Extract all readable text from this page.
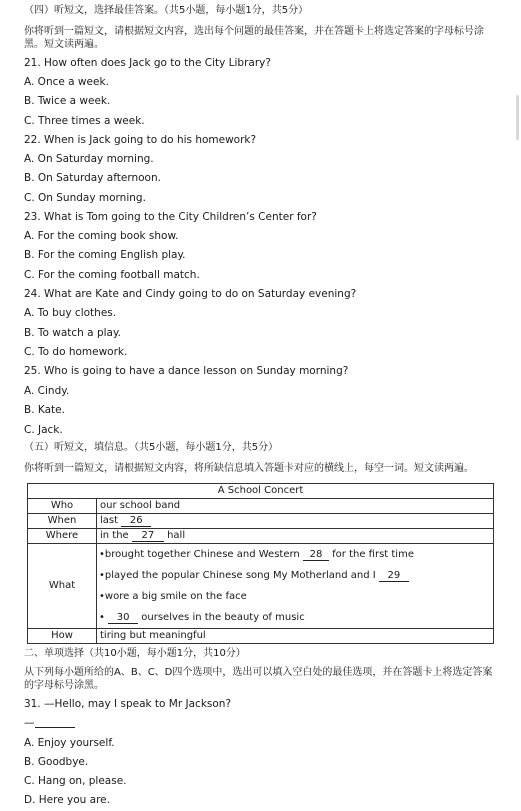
（四）听短文，选择最佳答案。（共5小题，每小题1分，共5分）
你将听到一篇短文，请根据短文内容，选出每个问题的最佳答案，并在答题卡上将选定答案的字母标号涂黑。短文读两遍。
21. How often does Jack go to the City Library?
A. Once a week.
B. Twice a week.
C. Three times a week.
22. When is Jack going to do his homework?
A. On Saturday morning.
B. On Saturday afternoon.
C. On Sunday morning.
23. What is Tom going to the City Children’s Center for?
A. For the coming book show.
B. For the coming English play.
C. For the coming football match.
24. What are Kate and Cindy going to do on Saturday evening?
A. To buy clothes.
B. To watch a play.
C. To do homework.
25. Who is going to have a dance lesson on Sunday morning?
A. Cindy.
B. Kate.
C. Jack.
（五）听短文，填信息。（共5小题，每小题1分，共5分）
你将听到一篇短文，请根据短文内容，将所缺信息填入答题卡对应的横线上，每空一词。短文读两遍。
A School Concert	
Who	our school band
When	last 26
Where	in the 27 hall
What	•brought together Chinese and Western 28 for the first time
•played the popular Chinese song My Motherland and I 29
•wore a big smile on the face
• 30 ourselves in the beauty of music

How	tiring but meaningful
二、单项选择（共10小题，每小题1分，共10分）
从下列每小题所给的A、B、C、D四个选项中，选出可以填入空白处的最佳选项，并在答题卡上将选定答案的字母标号涂黑。
31. —Hello, may I speak to Mr Jackson?
—
A. Enjoy yourself.
B. Goodbye.
C. Hang on, please.
D. Here you are.
